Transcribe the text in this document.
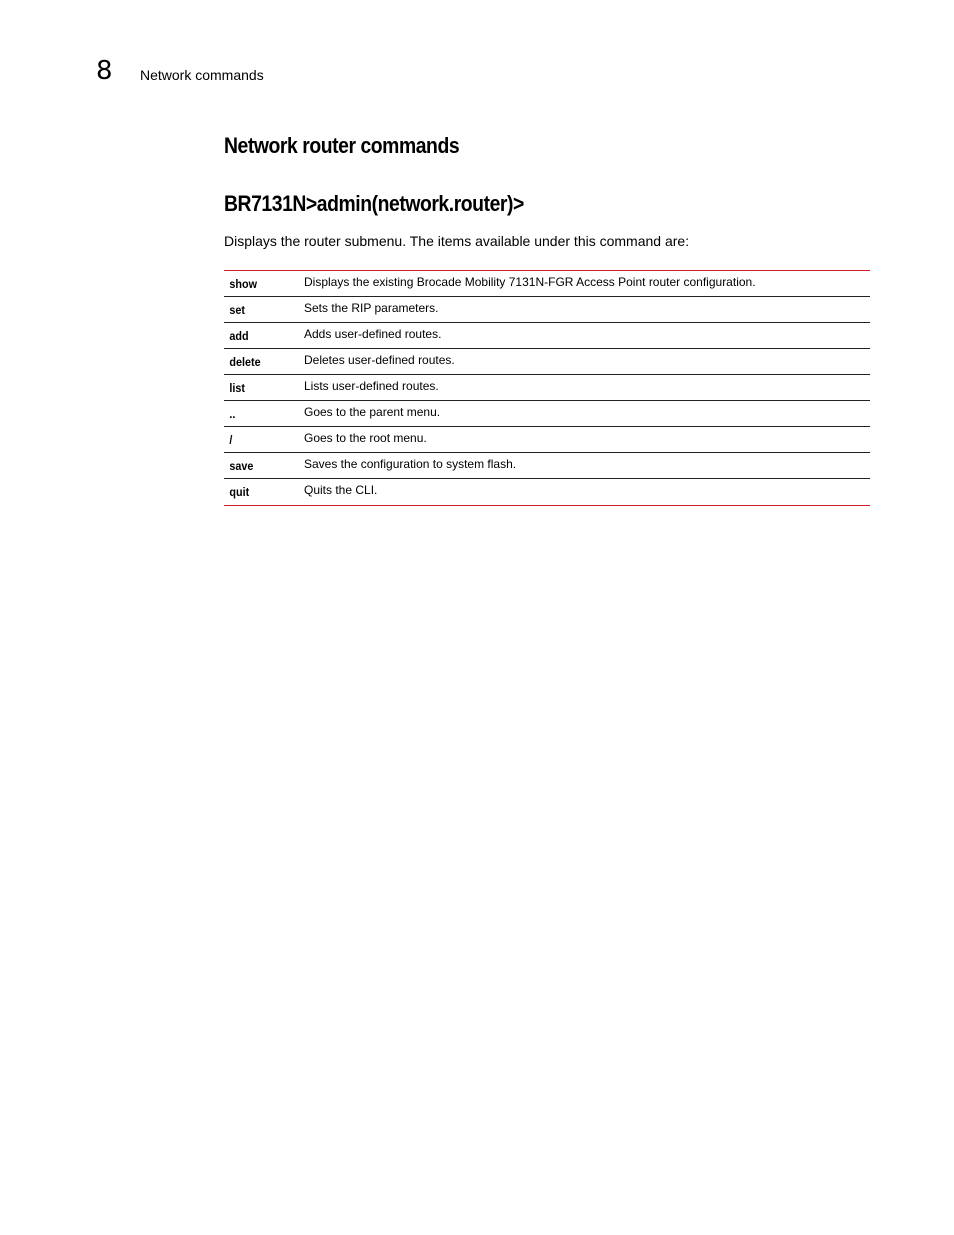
8 Network commands
Network router commands
BR7131N>admin(network.router)>
Displays the router submenu. The items available under this command are:
show	Displays the existing Brocade Mobility 7131N-FGR Access Point router configuration.
set	Sets the RIP parameters.
add	Adds user-defined routes.
delete	Deletes user-defined routes.
list	Lists user-defined routes.
..	Goes to the parent menu.
/	Goes to the root menu.
save	Saves the configuration to system flash.
quit	Quits the CLI.
